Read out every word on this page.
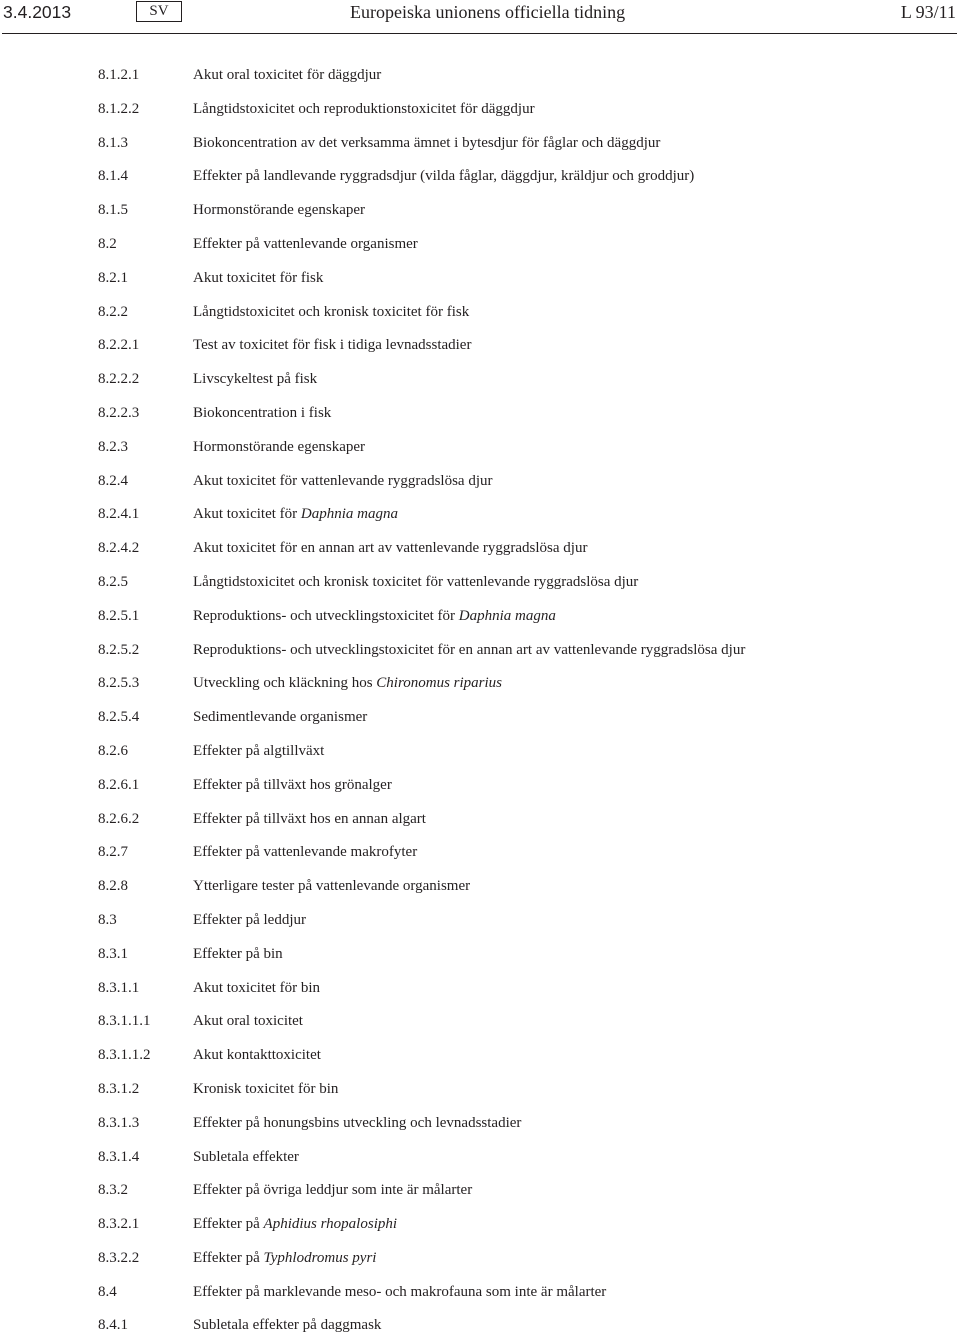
3.4.2013	SV	Europeiska unionens officiella tidning	L 93/11
8.1.2.1	Akut oral toxicitet för däggdjur
8.1.2.2	Långtidstoxicitet och reproduktionstoxicitet för däggdjur
8.1.3	Biokoncentration av det verksamma ämnet i bytesdjur för fåglar och däggdjur
8.1.4	Effekter på landlevande ryggradsdjur (vilda fåglar, däggdjur, kräldjur och groddjur)
8.1.5	Hormonstörande egenskaper
8.2	Effekter på vattenlevande organismer
8.2.1	Akut toxicitet för fisk
8.2.2	Långtidstoxicitet och kronisk toxicitet för fisk
8.2.2.1	Test av toxicitet för fisk i tidiga levnadsstadier
8.2.2.2	Livscykeltest på fisk
8.2.2.3	Biokoncentration i fisk
8.2.3	Hormonstörande egenskaper
8.2.4	Akut toxicitet för vattenlevande ryggradslösa djur
8.2.4.1	Akut toxicitet för Daphnia magna
8.2.4.2	Akut toxicitet för en annan art av vattenlevande ryggradslösa djur
8.2.5	Långtidstoxicitet och kronisk toxicitet för vattenlevande ryggradslösa djur
8.2.5.1	Reproduktions- och utvecklingstoxicitet för Daphnia magna
8.2.5.2	Reproduktions- och utvecklingstoxicitet för en annan art av vattenlevande ryggradslösa djur
8.2.5.3	Utveckling och kläckning hos Chironomus riparius
8.2.5.4	Sedimentlevande organismer
8.2.6	Effekter på algtillväxt
8.2.6.1	Effekter på tillväxt hos grönalger
8.2.6.2	Effekter på tillväxt hos en annan algart
8.2.7	Effekter på vattenlevande makrofyter
8.2.8	Ytterligare tester på vattenlevande organismer
8.3	Effekter på leddjur
8.3.1	Effekter på bin
8.3.1.1	Akut toxicitet för bin
8.3.1.1.1	Akut oral toxicitet
8.3.1.1.2	Akut kontakttoxicitet
8.3.1.2	Kronisk toxicitet för bin
8.3.1.3	Effekter på honungsbins utveckling och levnadsstadier
8.3.1.4	Subletala effekter
8.3.2	Effekter på övriga leddjur som inte är målarter
8.3.2.1	Effekter på Aphidius rhopalosiphi
8.3.2.2	Effekter på Typhlodromus pyri
8.4	Effekter på marklevande meso- och makrofauna som inte är målarter
8.4.1	Subletala effekter på daggmask
